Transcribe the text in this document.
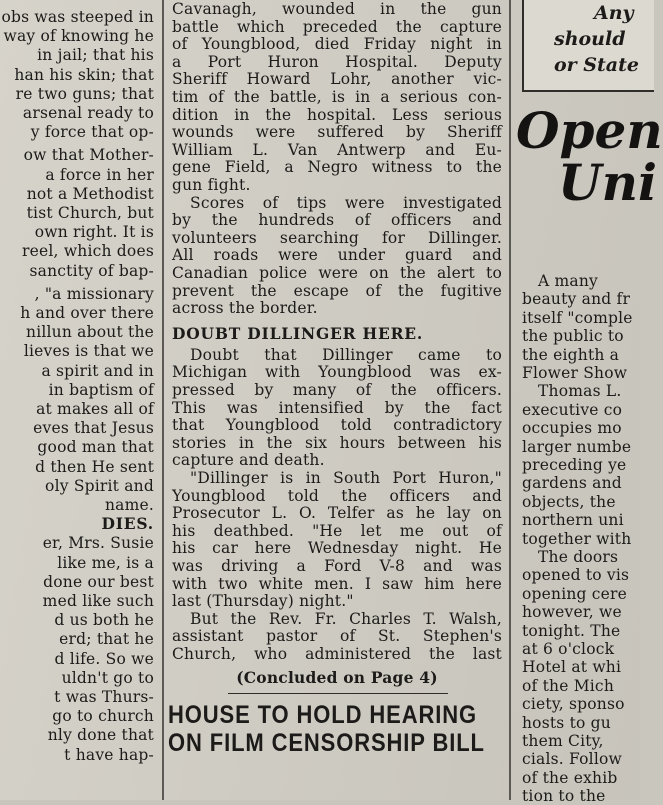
obs was steeped in
way of knowing he
in jail; that his
han his skin; that
re two guns; that
arsenal ready to
y force that op-
ow that Mother-
a force in her
not a Methodist
tist Church, but
own right. It is
reel, which does
sanctity of bap-
, "a missionary
h and over there
nillun about the
lieves is that we
a spirit and in
in baptism of
at makes all of
eves that Jesus
good man that
d then He sent
oly Spirit and
name.
DIES.
er, Mrs. Susie
like me, is a
done our best
med like such
d us both he
erd; that he
d life. So we
uldn't go to
t was Thurs-
go to church
nly done that
t have hap-
Cavanagh, wounded in the gun
battle which preceded the capture
of Youngblood, died Friday night in
a Port Huron Hospital. Deputy
Sheriff Howard Lohr, another vic-
tim of the battle, is in a serious con-
dition in the hospital. Less serious
wounds were suffered by Sheriff
William L. Van Antwerp and Eu-
gene Field, a Negro witness to the
gun fight.
Scores of tips were investigated
by the hundreds of officers and
volunteers searching for Dillinger.
All roads were under guard and
Canadian police were on the alert to
prevent the escape of the fugitive
across the border.
DOUBT DILLINGER HERE.
Doubt that Dillinger came to
Michigan with Youngblood was ex-
pressed by many of the officers.
This was intensified by the fact
that Youngblood told contradictory
stories in the six hours between his
capture and death.
"Dillinger is in South Port Huron,"
Youngblood told the officers and
Prosecutor L. O. Telfer as he lay on
his deathbed. "He let me out of
his car here Wednesday night. He
was driving a Ford V-8 and was
with two white men. I saw him here
last (Thursday) night."
But the Rev. Fr. Charles T. Walsh,
assistant pastor of St. Stephen's
Church, who administered the last
(Concluded on Page 4)
HOUSE TO HOLD HEARING
ON FILM CENSORSHIP BILL
Any
should
or State
Open
Uni
A many
beauty and fr
itself "comple
the public to
the eighth a
Flower Show
Thomas L.
executive co
occupies mo
larger numbe
preceding ye
gardens and
objects, the
northern uni
together with
The doors
opened to vis
opening cere
however, we
tonight. The
at 6 o'clock
Hotel at whi
of the Mich
ciety, sponso
hosts to gu
them City,
cials. Follow
of the exhib
tion to the
